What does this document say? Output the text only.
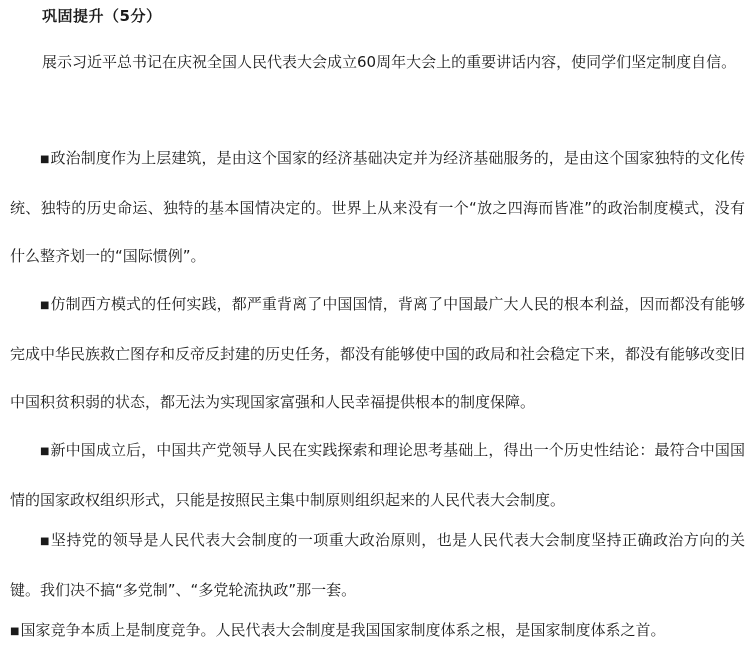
巩固提升（5分）

展示习近平总书记在庆祝全国人民代表大会成立60周年大会上的重要讲话内容，使同学们坚定制度自信。

■政治制度作为上层建筑，是由这个国家的经济基础决定并为经济基础服务的，是由这个国家独特的文化传统、独特的历史命运、独特的基本国情决定的。世界上从来没有一个“放之四海而皆准”的政治制度模式，没有什么整齐划一的“国际惯例”。

■仿制西方模式的任何实践，都严重背离了中国国情，背离了中国最广大人民的根本利益，因而都没有能够完成中华民族救亡图存和反帝反封建的历史任务，都没有能够使中国的政局和社会稳定下来，都没有能够改变旧中国积贫积弱的状态，都无法为实现国家富强和人民幸福提供根本的制度保障。

■新中国成立后，中国共产党领导人民在实践探索和理论思考基础上，得出一个历史性结论：最符合中国国情的国家政权组织形式，只能是按照民主集中制原则组织起来的人民代表大会制度。

■坚持党的领导是人民代表大会制度的一项重大政治原则，也是人民代表大会制度坚持正确政治方向的关键。我们决不搞“多党制”、“多党轮流执政”那一套。

■国家竞争本质上是制度竞争。人民代表大会制度是我国国家制度体系之根，是国家制度体系之首。
